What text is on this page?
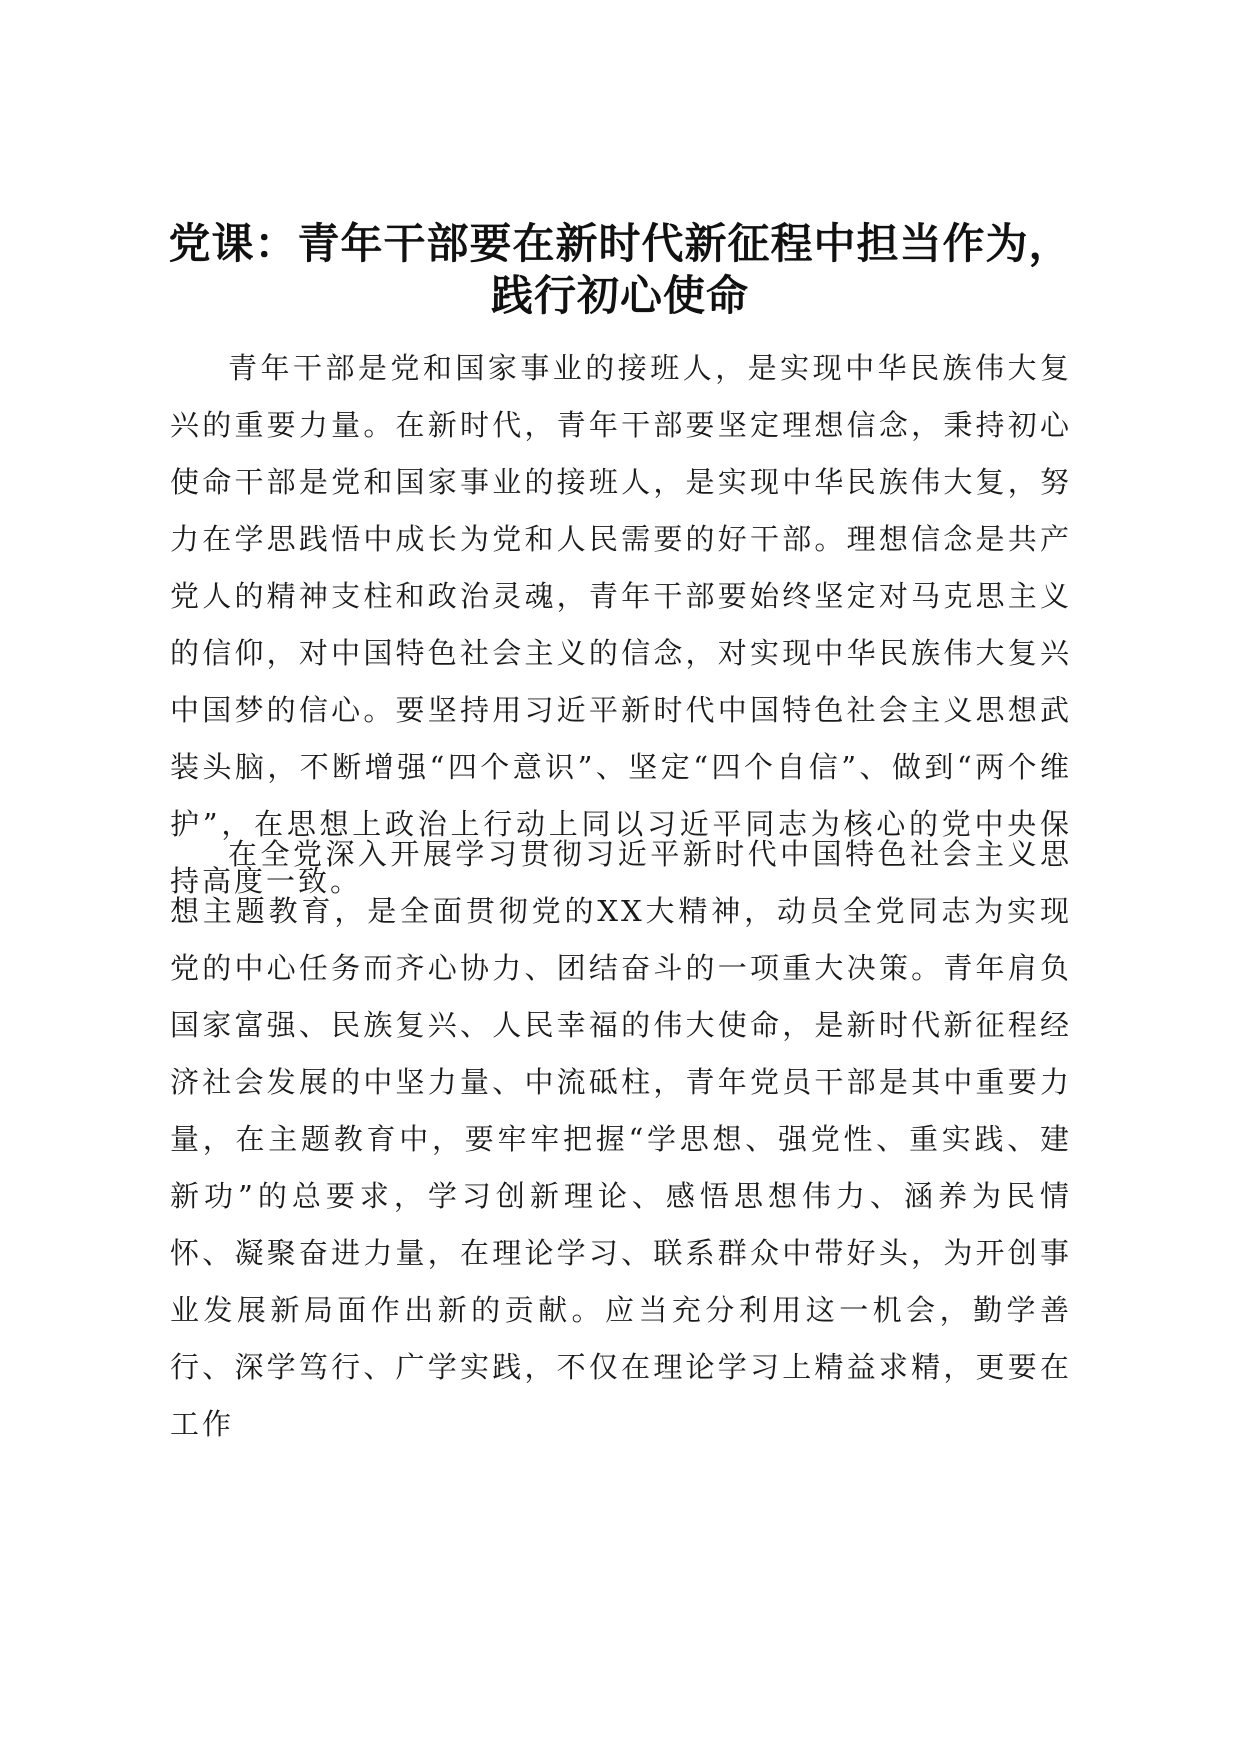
党课：青年干部要在新时代新征程中担当作为，践行初心使命

青年干部是党和国家事业的接班人，是实现中华民族伟大复兴的重要力量。在新时代，青年干部要坚定理想信念，秉持初心使命干部是党和国家事业的接班人，是实现中华民族伟大复，努力在学思践悟中成长为党和人民需要的好干部。理想信念是共产党人的精神支柱和政治灵魂，青年干部要始终坚定对马克思主义的信仰，对中国特色社会主义的信念，对实现中华民族伟大复兴中国梦的信心。要坚持用习近平新时代中国特色社会主义思想武装头脑，不断增强“四个意识”、坚定“四个自信”、做到“两个维护”，在思想上政治上行动上同以习近平同志为核心的党中央保持高度一致。

在全党深入开展学习贯彻习近平新时代中国特色社会主义思想主题教育，是全面贯彻党的XX大精神，动员全党同志为实现党的中心任务而齐心协力、团结奋斗的一项重大决策。青年肩负国家富强、民族复兴、人民幸福的伟大使命，是新时代新征程经济社会发展的中坚力量、中流砥柱，青年党员干部是其中重要力量，在主题教育中，要牢牢把握“学思想、强党性、重实践、建新功”的总要求，学习创新理论、感悟思想伟力、涵养为民情怀、凝聚奋进力量，在理论学习、联系群众中带好头，为开创事业发展新局面作出新的贡献。应当充分利用这一机会，勤学善行、深学笃行、广学实践，不仅在理论学习上精益求精，更要在工作
